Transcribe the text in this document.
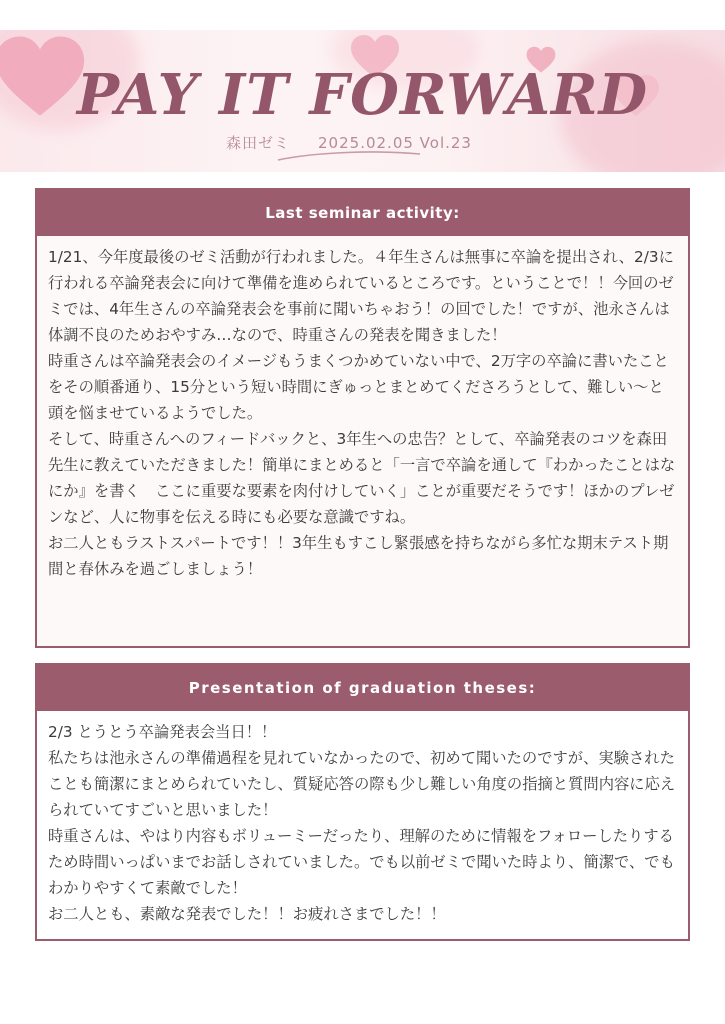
PAY IT FORWARD
森田ゼミ 2025.02.05 Vol.23
Last seminar activity:

1/21、今年度最後のゼミ活動が行われました。４年生さんは無事に卒論を提出され、2/3に行われる卒論発表会に向けて準備を進められているところです。ということで！！今回のゼミでは、4年生さんの卒論発表会を事前に聞いちゃおう！の回でした！ですが、池永さんは体調不良のためおやすみ…なので、時重さんの発表を聞きました！

時重さんは卒論発表会のイメージもうまくつかめていない中で、2万字の卒論に書いたことをその順番通り、15分という短い時間にぎゅっとまとめてくださろうとして、難しい〜と頭を悩ませているようでした。

そして、時重さんへのフィードバックと、3年生への忠告？として、卒論発表のコツを森田先生に教えていただきました！簡単にまとめると「一言で卒論を通して『わかったことはなにか』を書く　ここに重要な要素を肉付けしていく」ことが重要だそうです！ほかのプレゼンなど、人に物事を伝える時にも必要な意識ですね。

お二人ともラストスパートです！！3年生もすこし緊張感を持ちながら多忙な期末テスト期間と春休みを過ごしましょう！

Presentation of graduation theses:

2/3 とうとう卒論発表会当日！！

私たちは池永さんの準備過程を見れていなかったので、初めて聞いたのですが、実験されたことも簡潔にまとめられていたし、質疑応答の際も少し難しい角度の指摘と質問内容に応えられていてすごいと思いました！

時重さんは、やはり内容もボリューミーだったり、理解のために情報をフォローしたりするため時間いっぱいまでお話しされていました。でも以前ゼミで聞いた時より、簡潔で、でもわかりやすくて素敵でした！

お二人とも、素敵な発表でした！！お疲れさまでした！！
